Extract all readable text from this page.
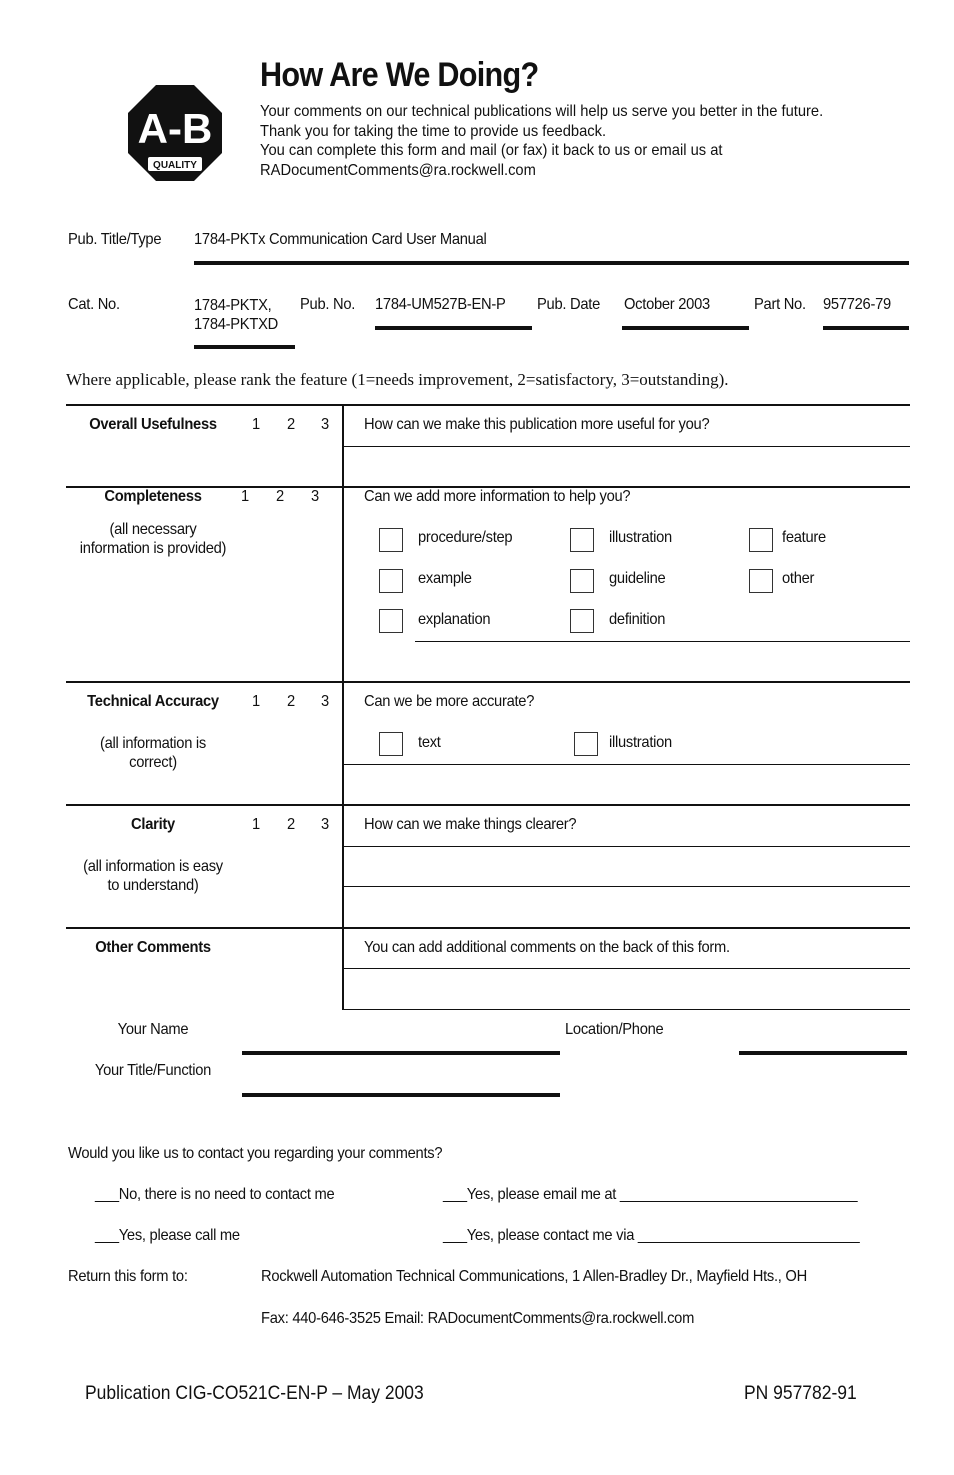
A-B
QUALITY
How Are We Doing?
Your comments on our technical publications will help us serve you better in the future.
Thank you for taking the time to provide us feedback.
You can complete this form and mail (or fax) it back to us or email us at
RADocumentComments@ra.rockwell.com
Pub. Title/Type 1784-PKTx Communication Card User Manual
Cat. No.	1784-PKTX,
1784-PKTXD
Pub. No. 1784-UM527B-EN-P Pub. Date October 2003	Part No. 957726-79
Where applicable, please rank the feature (1=needs improvement, 2=satisfactory, 3=outstanding).
Overall Usefulness	1 2 3 How can we make this publication more useful for you?
Completeness	1 2 3
(all necessary
information is provided)
Can we add more information to help you?
procedure/step	illustration	feature
example	guideline	other
explanation	definition
Technical Accuracy	1 2 3
(all information is
correct)
Can we be more accurate?
text	illustration
Clarity	1 2 3
(all information is easy
to understand)
How can we make things clearer?
Other Comments	You can add additional comments on the back of this form.
Your Name	Location/Phone
Your Title/Function
Would you like us to contact you regarding your comments?
___No, there is no need to contact me	___Yes, please email me at ______________________________
___Yes, please call me	___Yes, please contact me via ____________________________
Return this form to:	Rockwell Automation Technical Communications, 1 Allen-Bradley Dr., Mayfield Hts., OH
Fax: 440-646-3525 Email: RADocumentComments@ra.rockwell.com
Publication CIG-CO521C-EN-P – May 2003	PN 957782-91
